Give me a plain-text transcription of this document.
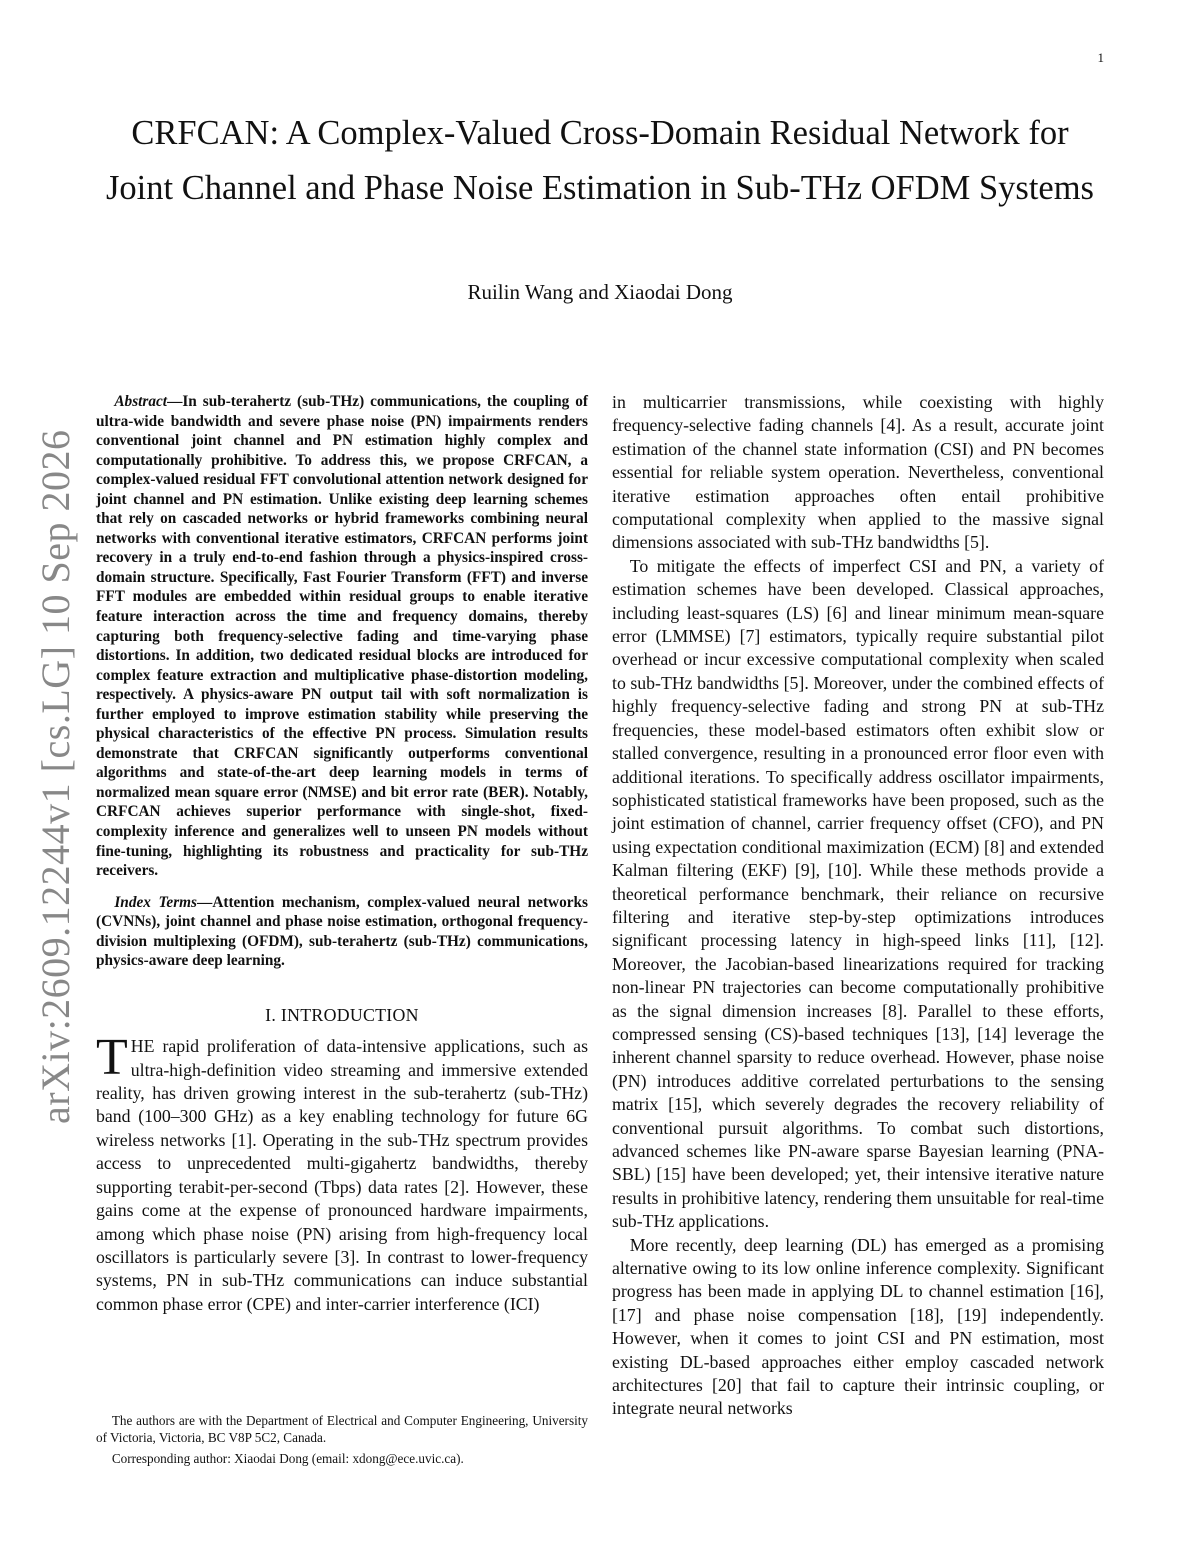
1
arXiv:2609.12244v1 [cs.LG] 10 Sep 2026
CRFCAN: A Complex-Valued Cross-Domain Residual Network for Joint Channel and Phase Noise Estimation in Sub-THz OFDM Systems
Ruilin Wang and Xiaodai Dong

Abstract—In sub-terahertz (sub-THz) communications, the coupling of ultra-wide bandwidth and severe phase noise (PN) impairments renders conventional joint channel and PN estimation highly complex and computationally prohibitive. To address this, we propose CRFCAN, a complex-valued residual FFT convolutional attention network designed for joint channel and PN estimation. Unlike existing deep learning schemes that rely on cascaded networks or hybrid frameworks combining neural networks with conventional iterative estimators, CRFCAN performs joint recovery in a truly end-to-end fashion through a physics-inspired cross-domain structure. Specifically, Fast Fourier Transform (FFT) and inverse FFT modules are embedded within residual groups to enable iterative feature interaction across the time and frequency domains, thereby capturing both frequency-selective fading and time-varying phase distortions. In addition, two dedicated residual blocks are introduced for complex feature extraction and multiplicative phase-distortion modeling, respectively. A physics-aware PN output tail with soft normalization is further employed to improve estimation stability while preserving the physical characteristics of the effective PN process. Simulation results demonstrate that CRFCAN significantly outperforms conventional algorithms and state-of-the-art deep learning models in terms of normalized mean square error (NMSE) and bit error rate (BER). Notably, CRFCAN achieves superior performance with single-shot, fixed-complexity inference and generalizes well to unseen PN models without fine-tuning, highlighting its robustness and practicality for sub-THz receivers.

Index Terms—Attention mechanism, complex-valued neural networks (CVNNs), joint channel and phase noise estimation, orthogonal frequency-division multiplexing (OFDM), sub-terahertz (sub-THz) communications, physics-aware deep learning.

I. INTRODUCTION

THE rapid proliferation of data-intensive applications, such as ultra-high-definition video streaming and immersive extended reality, has driven growing interest in the sub-terahertz (sub-THz) band (100–300 GHz) as a key enabling technology for future 6G wireless networks [1]. Operating in the sub-THz spectrum provides access to unprecedented multi-gigahertz bandwidths, thereby supporting terabit-per-second (Tbps) data rates [2]. However, these gains come at the expense of pronounced hardware impairments, among which phase noise (PN) arising from high-frequency local oscillators is particularly severe [3]. In contrast to lower-frequency systems, PN in sub-THz communications can induce substantial common phase error (CPE) and inter-carrier interference (ICI)

The authors are with the Department of Electrical and Computer Engineering, University of Victoria, Victoria, BC V8P 5C2, Canada.

Corresponding author: Xiaodai Dong (email: xdong@ece.uvic.ca).

in multicarrier transmissions, while coexisting with highly frequency-selective fading channels [4]. As a result, accurate joint estimation of the channel state information (CSI) and PN becomes essential for reliable system operation. Nevertheless, conventional iterative estimation approaches often entail prohibitive computational complexity when applied to the massive signal dimensions associated with sub-THz bandwidths [5].

To mitigate the effects of imperfect CSI and PN, a variety of estimation schemes have been developed. Classical approaches, including least-squares (LS) [6] and linear minimum mean-square error (LMMSE) [7] estimators, typically require substantial pilot overhead or incur excessive computational complexity when scaled to sub-THz bandwidths [5]. Moreover, under the combined effects of highly frequency-selective fading and strong PN at sub-THz frequencies, these model-based estimators often exhibit slow or stalled convergence, resulting in a pronounced error floor even with additional iterations. To specifically address oscillator impairments, sophisticated statistical frameworks have been proposed, such as the joint estimation of channel, carrier frequency offset (CFO), and PN using expectation conditional maximization (ECM) [8] and extended Kalman filtering (EKF) [9], [10]. While these methods provide a theoretical performance benchmark, their reliance on recursive filtering and iterative step-by-step optimizations introduces significant processing latency in high-speed links [11], [12]. Moreover, the Jacobian-based linearizations required for tracking non-linear PN trajectories can become computationally prohibitive as the signal dimension increases [8]. Parallel to these efforts, compressed sensing (CS)-based techniques [13], [14] leverage the inherent channel sparsity to reduce overhead. However, phase noise (PN) introduces additive correlated perturbations to the sensing matrix [15], which severely degrades the recovery reliability of conventional pursuit algorithms. To combat such distortions, advanced schemes like PN-aware sparse Bayesian learning (PNA-SBL) [15] have been developed; yet, their intensive iterative nature results in prohibitive latency, rendering them unsuitable for real-time sub-THz applications.

More recently, deep learning (DL) has emerged as a promising alternative owing to its low online inference complexity. Significant progress has been made in applying DL to channel estimation [16], [17] and phase noise compensation [18], [19] independently. However, when it comes to joint CSI and PN estimation, most existing DL-based approaches either employ cascaded network architectures [20] that fail to capture their intrinsic coupling, or integrate neural networks
